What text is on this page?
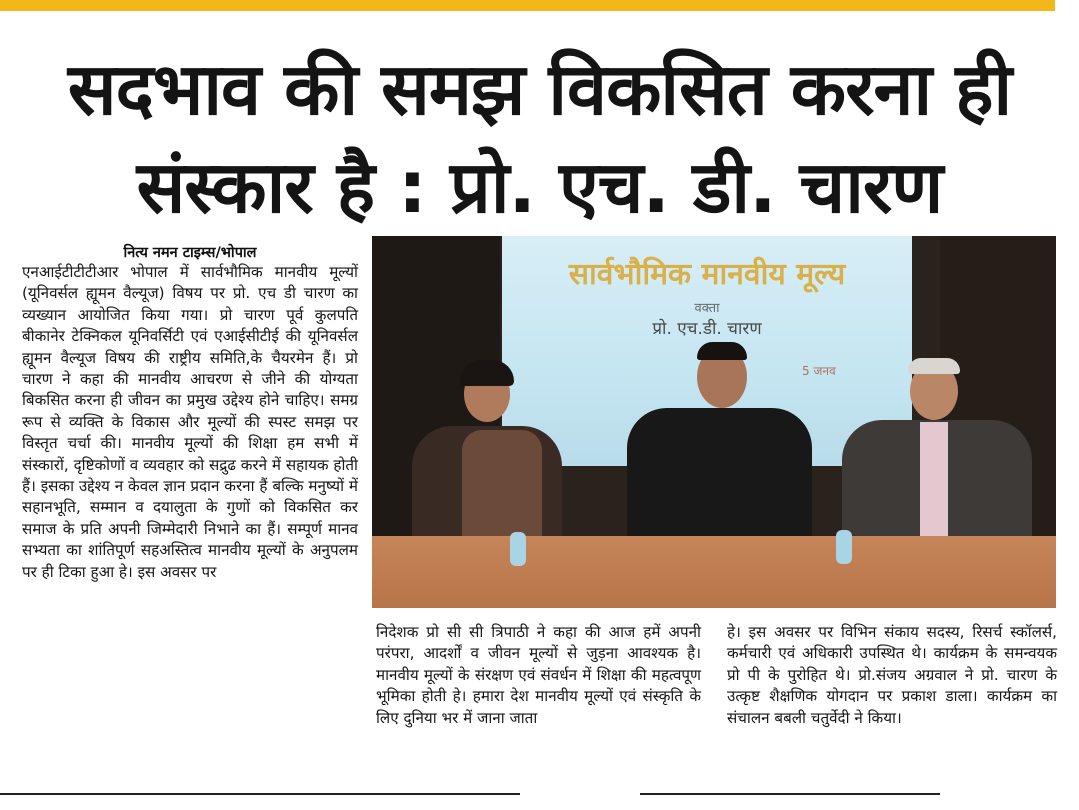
सदभाव की समझ विकसित करना ही
संस्कार है : प्रो. एच. डी. चारण
नित्य नमन टाइम्स/भोपाल
एनआईटीटीटीआर भोपाल में सार्वभौमिक मानवीय मूल्यों (यूनिवर्सल ह्यूमन वैल्यूज) विषय पर प्रो. एच डी चारण का व्यख्यान आयोजित किया गया। प्रो चारण पूर्व कुलपति बीकानेर टेक्निकल यूनिवर्सिटी एवं एआईसीटीई की यूनिवर्सल ह्यूमन वैल्यूज विषय की राष्ट्रीय समिति,के चैयरमेन हैं। प्रो चारण ने कहा की मानवीय आचरण से जीने की योग्यता बिकसित करना ही जीवन का प्रमुख उद्देश्य होने चाहिए। समग्र रूप से व्यक्ति के विकास और मूल्यों की स्पस्ट समझ पर विस्तृत चर्चा की। मानवीय मूल्यों की शिक्षा हम सभी में संस्कारों, दृष्टिकोणों व व्यवहार को सद्रुढ करने में सहायक होती हैं। इसका उद्देश्य न केवल ज्ञान प्रदान करना हैं बल्कि मनुष्यों में सहानभूति, सम्मान व दयालुता के गुणों को विकसित कर समाज के प्रति अपनी जिम्मेदारी निभाने का हैं। सम्पूर्ण मानव सभ्यता का शांतिपूर्ण सहअस्तित्व मानवीय मूल्यों के अनुपलम पर ही टिका हुआ हे। इस अवसर पर
सार्वभौमिक मानवीय मूल्य
वक्ता
प्रो. एच.डी. चारण
5 जनव
निदेशक प्रो सी सी त्रिपाठी ने कहा की आज हमें अपनी परंपरा, आदर्शों व जीवन मूल्यों से जुड़ना आवश्यक है। मानवीय मूल्यों के संरक्षण एवं संवर्धन में शिक्षा की महत्वपूण भूमिका होती हे। हमारा देश मानवीय मूल्यों एवं संस्कृति के लिए दुनिया भर में जाना जाता
हे। इस अवसर पर विभिन संकाय सदस्य, रिसर्च स्कॉलर्स, कर्मचारी एवं अधिकारी उपस्थित थे। कार्यक्रम के समन्वयक प्रो पी के पुरोहित थे। प्रो.संजय अग्रवाल ने प्रो. चारण के उत्कृष्ट शैक्षणिक योगदान पर प्रकाश डाला। कार्यक्रम का संचालन बबली चतुर्वेदी ने किया।
